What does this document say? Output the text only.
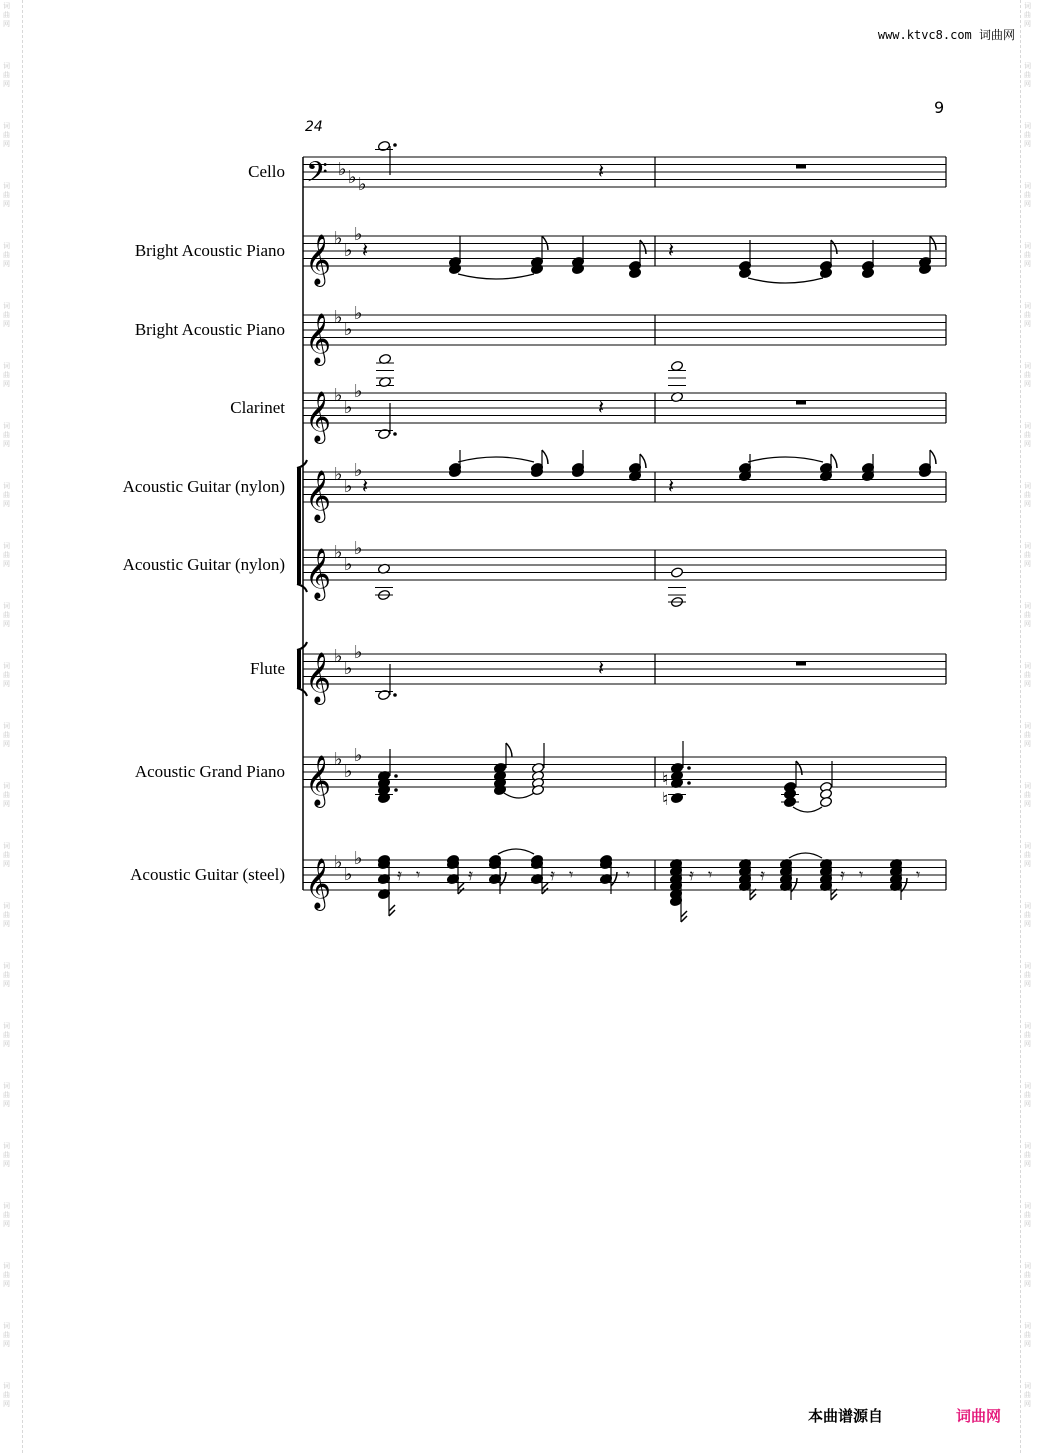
词
曲
网
词
曲
网
词
曲
网
词
曲
网
词
曲
网
词
曲
网
词
曲
网
词
曲
网
词
曲
网
词
曲
网
词
曲
网
词
曲
网
词
曲
网
词
曲
网
词
曲
网
词
曲
网
词
曲
网
词
曲
网
词
曲
网
词
曲
网
词
曲
网
词
曲
网
词
曲
网
词
曲
网
词
曲
网
词
曲
网
词
曲
网
词
曲
网
词
曲
网
词
曲
网
词
曲
网
词
曲
网
词
曲
网
词
曲
网
词
曲
网
词
曲
网
词
曲
网
词
曲
网
词
曲
网
词
曲
网
词
曲
网
词
曲
网
词
曲
网
词
曲
网
词
曲
网
词
曲
网
词
曲
网
词
曲
网
www.ktvc8.com 词曲网
9
24
Cello
Bright Acoustic Piano
Bright Acoustic Piano
Clarinet
Acoustic Guitar (nylon)
Acoustic Guitar (nylon)
Flute
Acoustic Grand Piano
Acoustic Guitar (steel)
𝄢 ♭ ♭ ♭
𝄞 ♭
♭
♭
𝄞 ♭
♭
♭
𝄞 ♭
♭
♭
𝄞 ♭
♭
♭
𝄞 ♭
♭
♭
𝄞 ♭
♭
♭
𝄞 ♭
♭
♭
𝄞 ♭
♭
♭
𝄽
𝄽	𝄽
𝄽
𝄽	𝄽
𝄽
♮
♮
𝄿 𝄾	𝄿	𝄿 𝄾	𝄾	𝄿 𝄾	𝄿	𝄿 𝄾	𝄾
本曲谱源自	词曲网
